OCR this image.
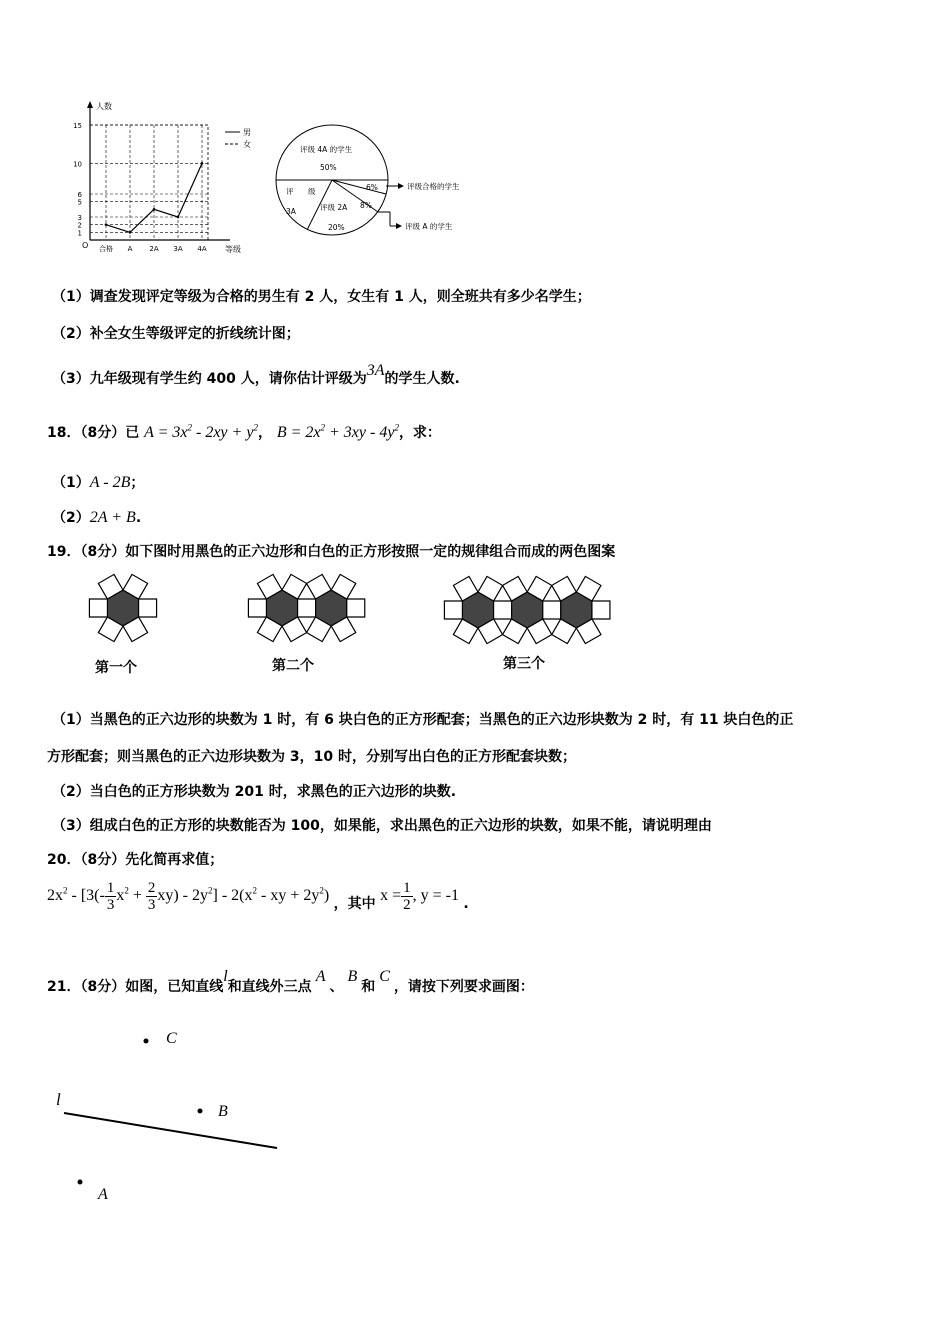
人数
等级
O
男
女
1
2
3
5
6
10
15
合格 A 2A 3A 4A
评级 4A 的学生
50%
评 级
3A	评级 2A
20%
6%
8%
评级合格的学生
评级 A 的学生
（1）调查发现评定等级为合格的男生有 2 人，女生有 1 人，则全班共有多少名学生；
（2）补全女生等级评定的折线统计图；
（3）九年级现有学生约 400 人，请你估计评级为3A的学生人数.
18．（8分）已 $A = 3x^2 - 2xy + y^2$， $B = 2x^2 + 3xy - 4y^2$，求：
（1）A - 2B；
（2）2A + B.
19．（8分）如下图时用黑色的正六边形和白色的正方形按照一定的规律组合而成的两色图案
第一个	第二个	第三个
（1）当黑色的正六边形的块数为 1 时，有 6 块白色的正方形配套；当黑色的正六边形块数为 2 时，有 11 块白色的正
方形配套；则当黑色的正六边形块数为 3，10 时，分别写出白色的正方形配套块数；
（2）当白色的正方形块数为 201 时，求黑色的正六边形的块数.
（3）组成白色的正方形的块数能否为 100，如果能，求出黑色的正六边形的块数，如果不能，请说明理由
20．（8分）先化简再求值；
$2x^2 - [3(- \frac{1}{3} x^2 + \frac{2}{3} xy) - 2y^2] - 2(x^2$ - xy + $2y^2$) ，其中 $x = \frac{1}{2}$ , y = -1 .
21．（8分）如图，已知直线l和直线外三点A、B和C，请按下列要求画图：
C
l
B
A
